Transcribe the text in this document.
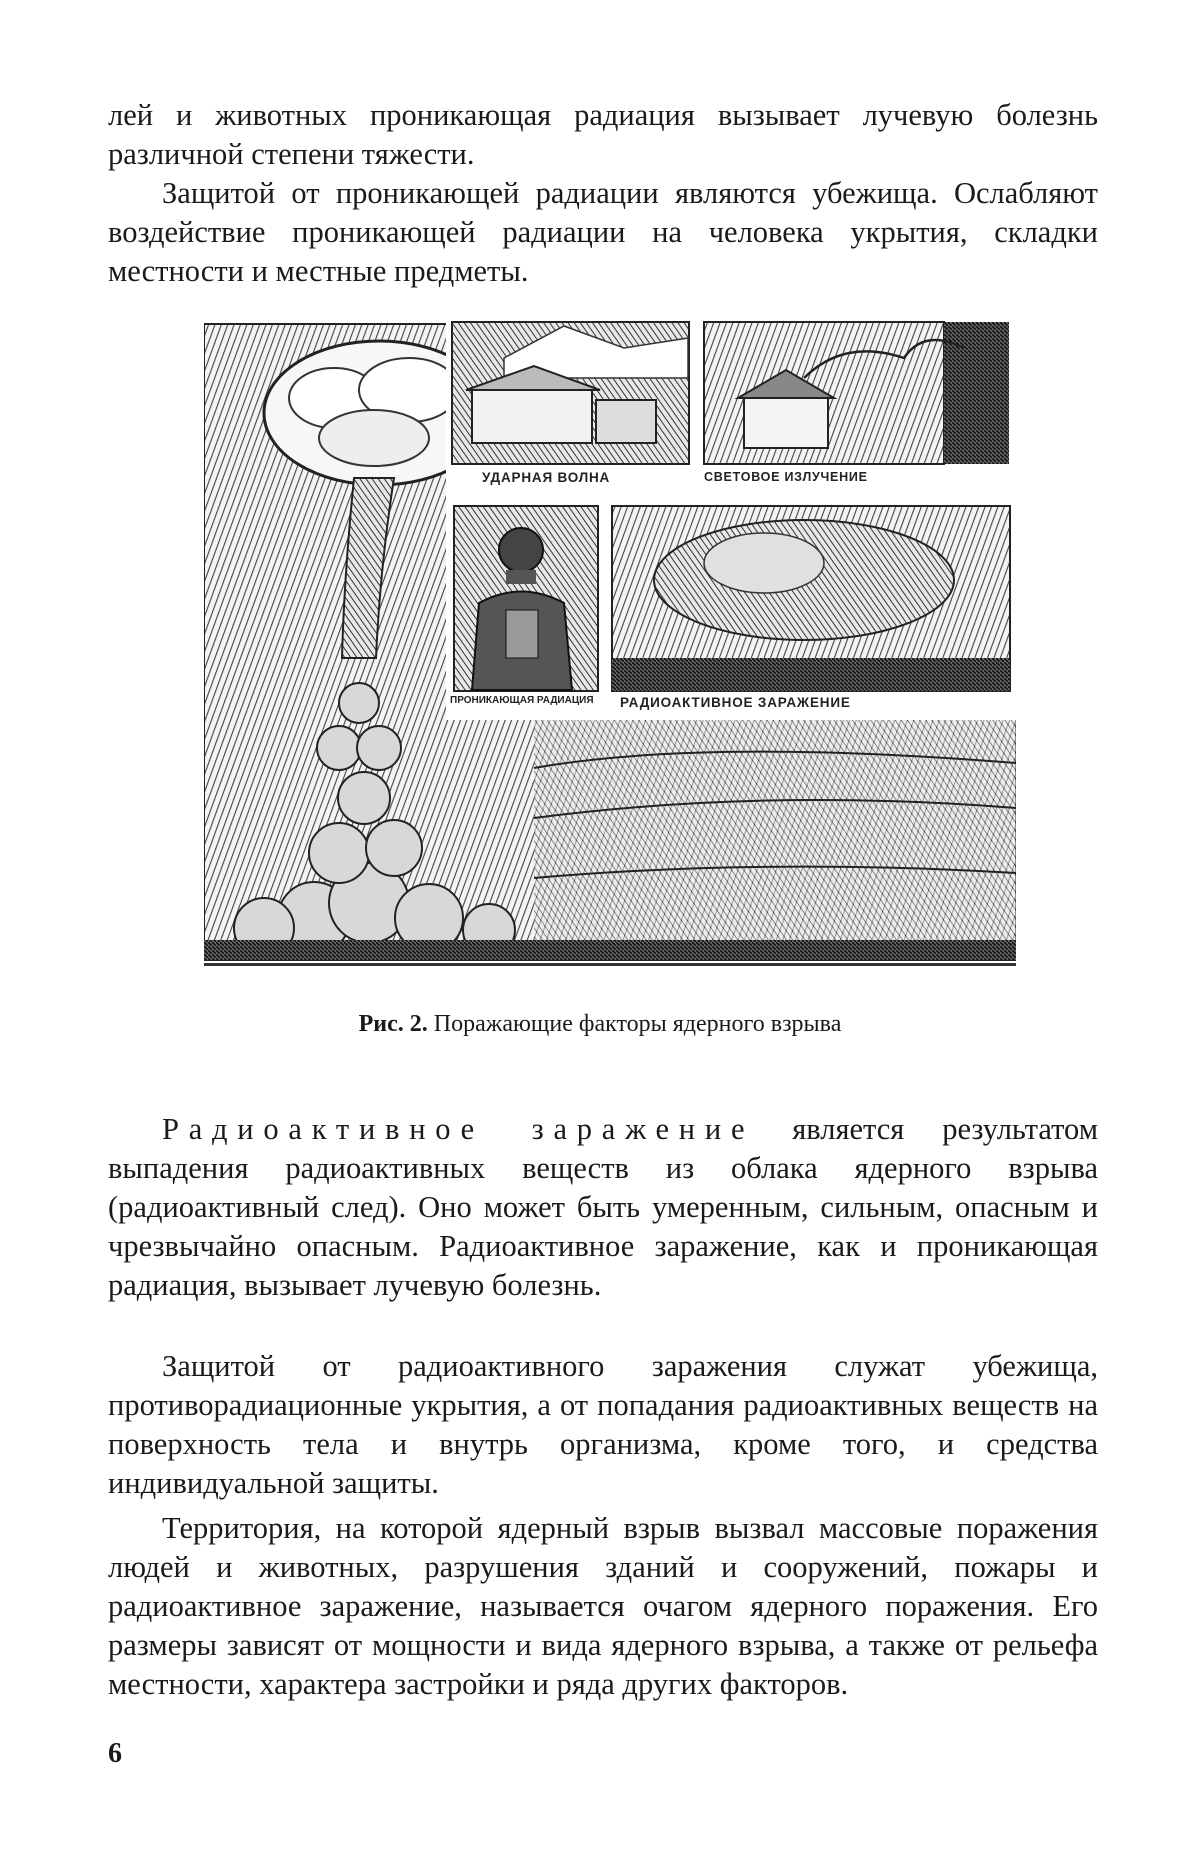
лей и животных проникающая радиация вызывает лучевую болезнь различной степени тяжести.

Защитой от проникающей радиации являются убежища. Ослабляют воздействие проникающей радиации на человека укрытия, складки местности и местные предметы.

УДАРНАЯ ВОЛНА	СВЕТОВОЕ ИЗЛУЧЕНИЕ
ПРОНИКАЮЩАЯ РАДИАЦИЯ РАДИОАКТИВНОЕ ЗАРАЖЕНИЕ
Рис. 2. Поражающие факторы ядерного взрыва

Радиоактивное заражение является результатом выпадения радиоактивных веществ из облака ядерного взрыва (радиоактивный след). Оно может быть умеренным, сильным, опасным и чрезвычайно опасным. Радиоактивное заражение, как и проникающая радиация, вызывает лучевую болезнь.

Защитой от радиоактивного заражения служат убежища, противорадиационные укрытия, а от попадания радиоактивных веществ на поверхность тела и внутрь организма, кроме того, и средства индивидуальной защиты.

Территория, на которой ядерный взрыв вызвал массовые поражения людей и животных, разрушения зданий и сооружений, пожары и радиоактивное заражение, называется очагом ядерного поражения. Его размеры зависят от мощности и вида ядерного взрыва, а также от рельефа местности, характера застройки и ряда других факторов.

6
